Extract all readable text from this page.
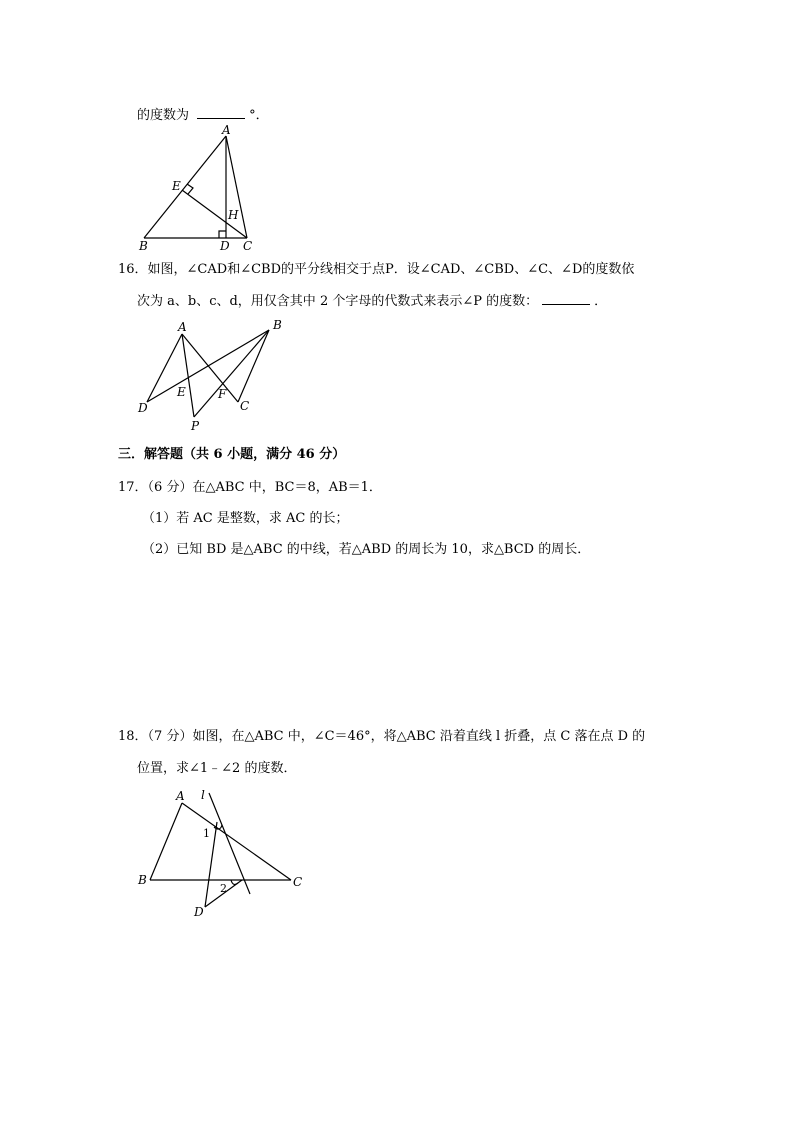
的度数为	°．
A
E
H
B	D C
16．如图，∠CAD和∠CBD的平分线相交于点P．设∠CAD、∠CBD、∠C、∠D的度数依
次为 a、b、c、d，用仅含其中 2 个字母的代数式来表示∠P 的度数：	．
A	B
D
E	F
C
P
三．解答题（共 6 小题，满分 46 分）
17．（6 分）在△ABC 中，BC＝8，AB＝1．
（1）若 AC 是整数，求 AC 的长；
（2）已知 BD 是△ABC 的中线，若△ABD 的周长为 10，求△BCD 的周长．
18．（7 分）如图，在△ABC 中，∠C＝46°，将△ABC 沿着直线 l 折叠，点 C 落在点 D 的
位置，求∠1﹣∠2 的度数．
A l
1
B	C
2
D
